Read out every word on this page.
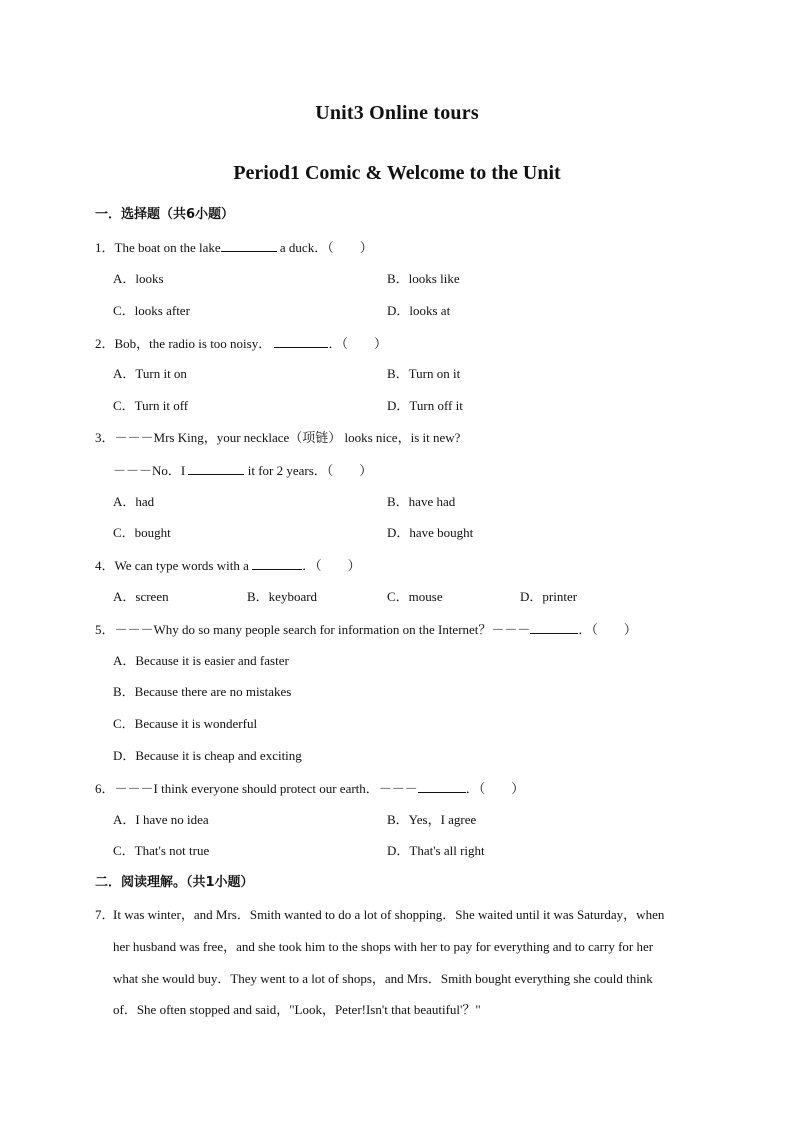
Unit3 Online tours
Period1 Comic & Welcome to the Unit
一．选择题（共6小题）
1．The boat on the lake	a duck．（　　）
A．looks	B．looks like
C．looks after	D．looks at
2．Bob，the radio is too noisy．	．（　　）
A．Turn it on	B．Turn on it
C．Turn it off	D．Turn off it
3．－－－Mrs King，your necklace（项链） looks nice，is it new?
－－－No．I	it for 2 years．（　　）
A．had	B．have had
C．bought	D．have bought
4．We can type words with a	．（　　）
A．screen	B．keyboard	C．mouse	D．printer
5．－－－Why do so many people search for information on the Internet？－－－	．（　　）
A．Because it is easier and faster
B．Because there are no mistakes
C．Because it is wonderful
D．Because it is cheap and exciting
6．－－－I think everyone should protect our earth．－－－	．（　　）
A．I have no idea	B．Yes，I agree
C．That's not true	D．That's all right
二．阅读理解。（共1小题）
7．
It was winter，and Mrs．Smith wanted to do a lot of shopping．She waited until it was Saturday，when
her husband was free，and she took him to the shops with her to pay for everything and to carry for her
what she would buy．They went to a lot of shops，and Mrs．Smith bought everything she could think
of．She often stopped and said，"Look，Peter!Isn't that beautiful'？"
